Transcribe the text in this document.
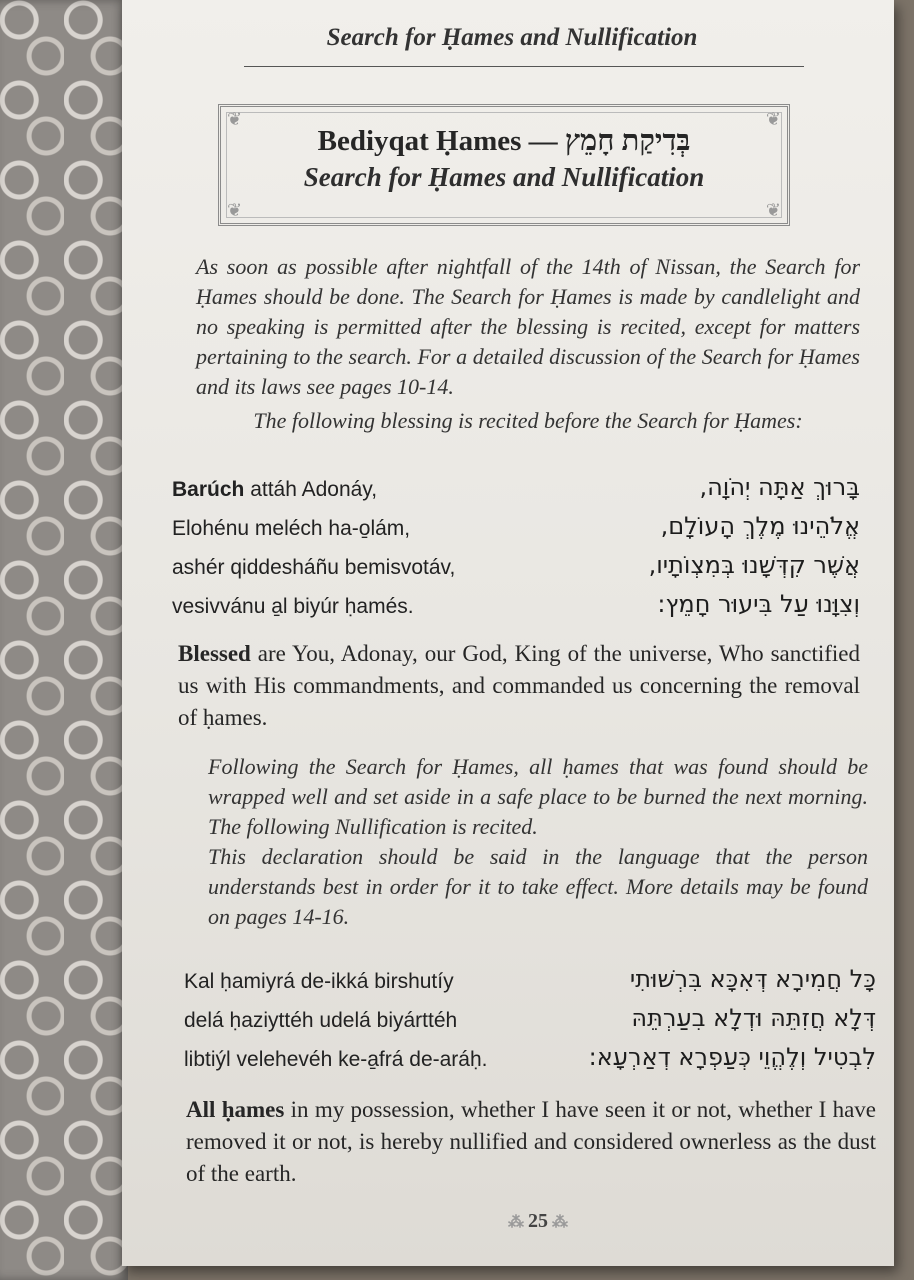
Search for Ḥames and Nullification
❦	❦
❦	❦
Bediyqat Ḥames — בְּדִיקַת חָמֵץ
Search for Ḥames and Nullification

As soon as possible after nightfall of the 14th of Nissan, the Search for Ḥames should be done. The Search for Ḥames is made by candlelight and no speaking is permitted after the blessing is recited, except for matters pertaining to the search. For a detailed discussion of the Search for Ḥames and its laws see pages 10-14.

The following blessing is recited before the Search for Ḥames:

Barúch attáh Adonáy,
Elohénu meléch ha-o̱lám,
ashér qiddesháñu bemisvotáv,
vesivvánu a̱l biyúr ḥamés.
בָּרוּךְ אַתָּה יְהֹוָה,
אֱלֹהֵינוּ מֶלֶךְ הָעוֹלָם,
אֲשֶׁר קִדְּשָׁנוּ בְּמִצְוֹתָיו,
וְצִוָּנוּ עַל בִּיעוּר חָמֵץ:
Blessed are You, Adonay, our God, King of the universe, Who sanctified us with His commandments, and commanded us concerning the removal of ḥames.

Following the Search for Ḥames, all ḥames that was found should be wrapped well and set aside in a safe place to be burned the next morning. The following Nullification is recited.

This declaration should be said in the language that the person understands best in order for it to take effect. More details may be found on pages 14-16.

Kal ḥamiyrá de-ikká birshutíy
delá ḥaziyttéh udelá biyárttéh
libtiýl velehevéh ke-a̱frá de-aráḥ.
כָּל חֲמִירָא דְּאִכָּא בִּרְשׁוּתִי
דְּלָא חֲזִתֵּהּ וּדְלָא בִעַרְתֵּהּ
לִבְטִיל וְלֶהֱוֵי כְּעַפְרָא דְאַרְעָא:
All ḥames in my possession, whether I have seen it or not, whether I have removed it or not, is hereby nullified and considered ownerless as the dust of the earth.
⁂ 25 ⁂
